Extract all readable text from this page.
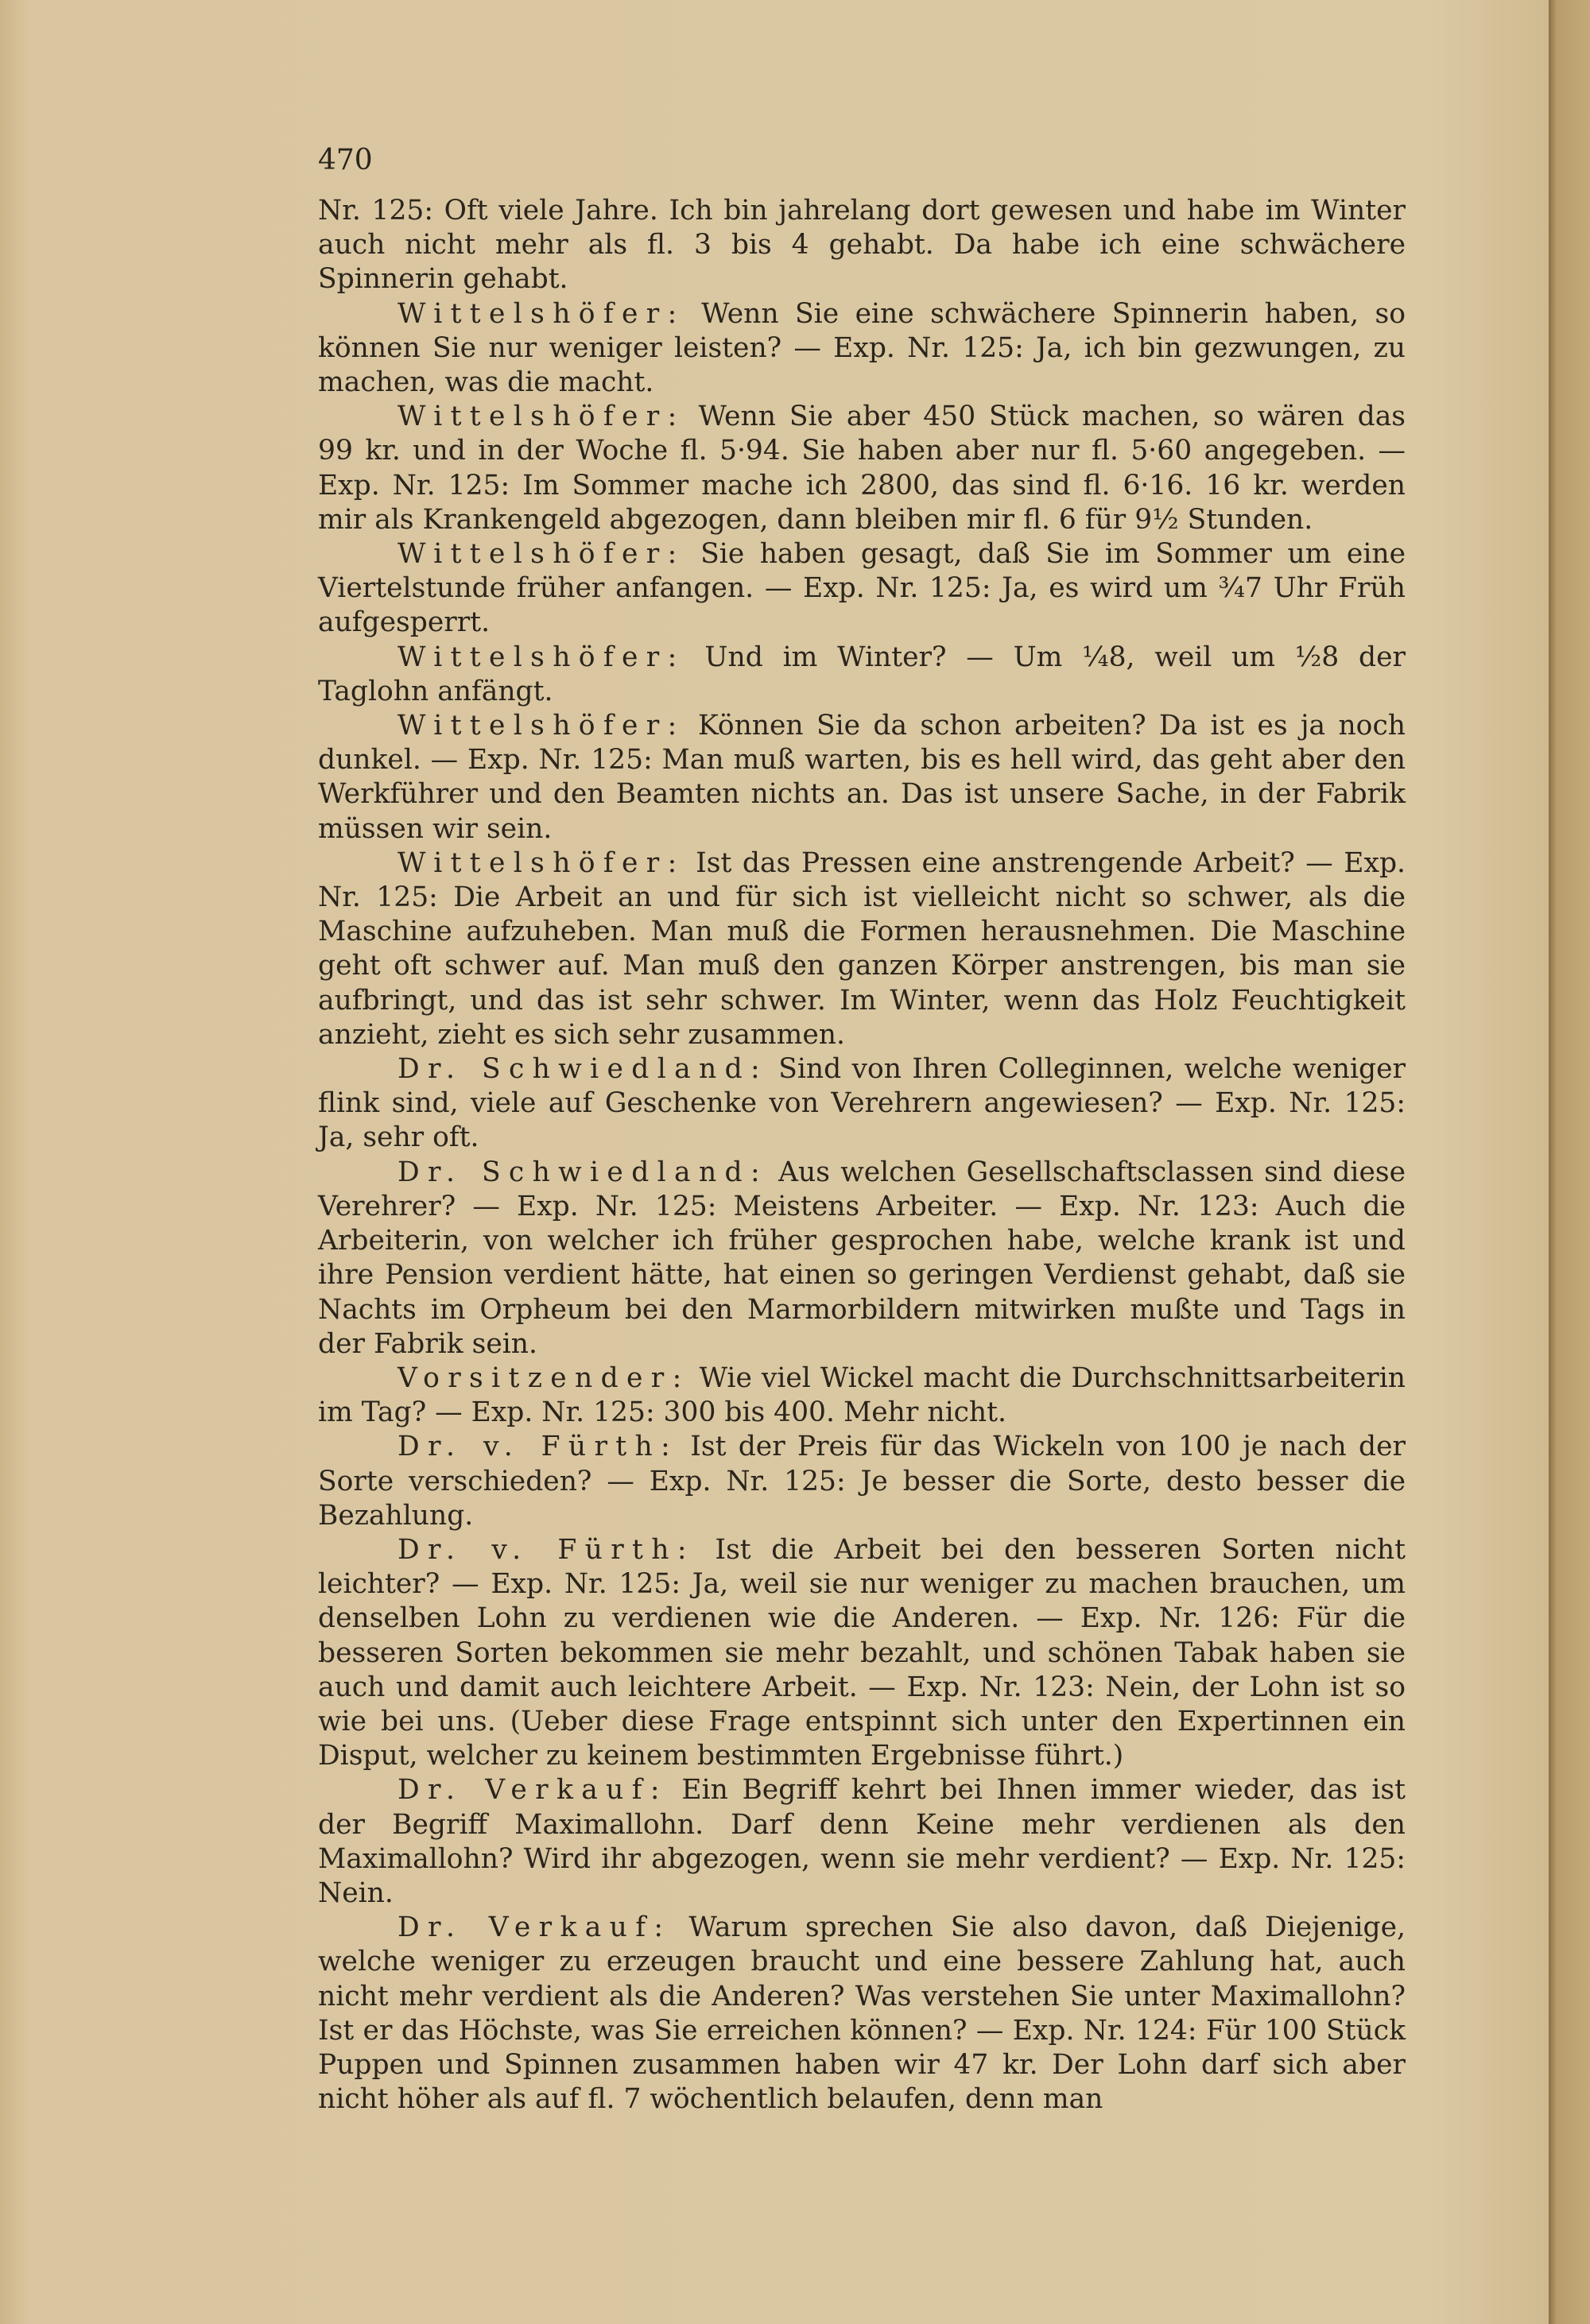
470

Nr. 125: Oft viele Jahre. Ich bin jahrelang dort gewesen und habe im Winter auch nicht mehr als fl. 3 bis 4 gehabt. Da habe ich eine schwächere Spinnerin gehabt.

Wittelshöfer: Wenn Sie eine schwächere Spinnerin haben, so können Sie nur weniger leisten? — Exp. Nr. 125: Ja, ich bin gezwungen, zu machen, was die macht.

Wittelshöfer: Wenn Sie aber 450 Stück machen, so wären das 99 kr. und in der Woche fl. 5·94. Sie haben aber nur fl. 5·60 angegeben. — Exp. Nr. 125: Im Sommer mache ich 2800, das sind fl. 6·16. 16 kr. werden mir als Krankengeld abgezogen, dann bleiben mir fl. 6 für 9½ Stunden.

Wittelshöfer: Sie haben gesagt, daß Sie im Sommer um eine Viertelstunde früher anfangen. — Exp. Nr. 125: Ja, es wird um ¾7 Uhr Früh aufgesperrt.

Wittelshöfer: Und im Winter? — Um ¼8, weil um ½8 der Taglohn anfängt.

Wittelshöfer: Können Sie da schon arbeiten? Da ist es ja noch dunkel. — Exp. Nr. 125: Man muß warten, bis es hell wird, das geht aber den Werkführer und den Beamten nichts an. Das ist unsere Sache, in der Fabrik müssen wir sein.

Wittelshöfer: Ist das Pressen eine anstrengende Arbeit? — Exp. Nr. 125: Die Arbeit an und für sich ist vielleicht nicht so schwer, als die Maschine aufzuheben. Man muß die Formen herausnehmen. Die Maschine geht oft schwer auf. Man muß den ganzen Körper anstrengen, bis man sie aufbringt, und das ist sehr schwer. Im Winter, wenn das Holz Feuchtigkeit anzieht, zieht es sich sehr zusammen.

Dr. Schwiedland: Sind von Ihren Colleginnen, welche weniger flink sind, viele auf Geschenke von Verehrern angewiesen? — Exp. Nr. 125: Ja, sehr oft.

Dr. Schwiedland: Aus welchen Gesellschaftsclassen sind diese Verehrer? — Exp. Nr. 125: Meistens Arbeiter. — Exp. Nr. 123: Auch die Arbeiterin, von welcher ich früher gesprochen habe, welche krank ist und ihre Pension verdient hätte, hat einen so geringen Verdienst gehabt, daß sie Nachts im Orpheum bei den Marmorbildern mitwirken mußte und Tags in der Fabrik sein.

Vorsitzender: Wie viel Wickel macht die Durchschnittsarbeiterin im Tag? — Exp. Nr. 125: 300 bis 400. Mehr nicht.

Dr. v. Fürth: Ist der Preis für das Wickeln von 100 je nach der Sorte verschieden? — Exp. Nr. 125: Je besser die Sorte, desto besser die Bezahlung.

Dr. v. Fürth: Ist die Arbeit bei den besseren Sorten nicht leichter? — Exp. Nr. 125: Ja, weil sie nur weniger zu machen brauchen, um denselben Lohn zu verdienen wie die Anderen. — Exp. Nr. 126: Für die besseren Sorten bekommen sie mehr bezahlt, und schönen Tabak haben sie auch und damit auch leichtere Arbeit. — Exp. Nr. 123: Nein, der Lohn ist so wie bei uns. (Ueber diese Frage entspinnt sich unter den Expertinnen ein Disput, welcher zu keinem bestimmten Ergebnisse führt.)

Dr. Verkauf: Ein Begriff kehrt bei Ihnen immer wieder, das ist der Begriff Maximallohn. Darf denn Keine mehr verdienen als den Maximallohn? Wird ihr abgezogen, wenn sie mehr verdient? — Exp. Nr. 125: Nein.

Dr. Verkauf: Warum sprechen Sie also davon, daß Diejenige, welche weniger zu erzeugen braucht und eine bessere Zahlung hat, auch nicht mehr verdient als die Anderen? Was verstehen Sie unter Maximallohn? Ist er das Höchste, was Sie erreichen können? — Exp. Nr. 124: Für 100 Stück Puppen und Spinnen zusammen haben wir 47 kr. Der Lohn darf sich aber nicht höher als auf fl. 7 wöchentlich belaufen, denn man
